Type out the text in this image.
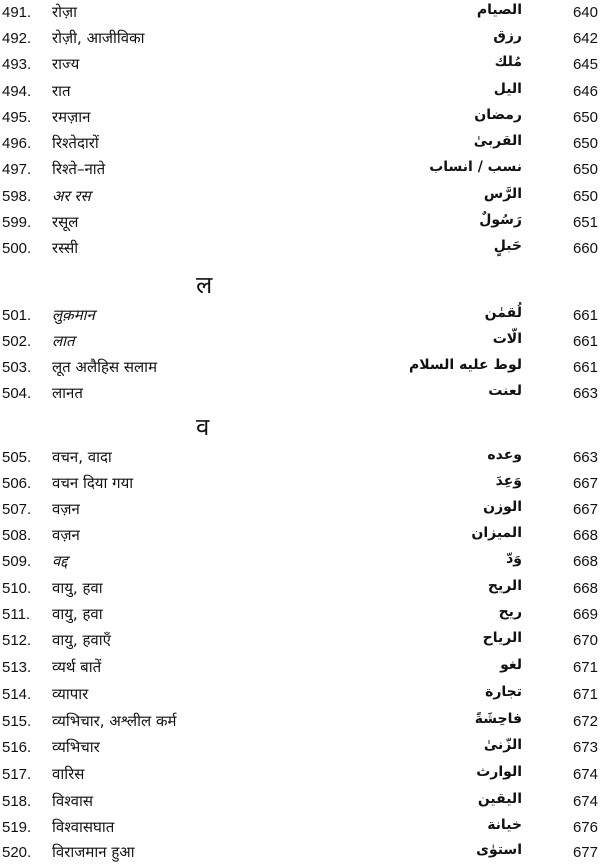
491. रोज़ा	الصيام	640
492. रोज़ी, आजीविका	رزق	642
493. राज्य	مُلك	645
494. रात	الیل	646
495. रमज़ान	رمضان	650
496. रिश्तेदारों	القربیٰ	650
497. रिश्ते–नाते	نسب / انساب	650
598. अर रस	الرَّس	650
599. रसूल	رَسُولٌ	651
500. रस्सी	حَبلٍ	660
ल
501. लुक़मान	لُقمٰن	661
502. लात	الّات	661
503. लूत अलैहिस सलाम	لوط علیه السلام	661
504. लानत	لعنت	663
व
505. वचन, वादा	وعده	663
506. वचन दिया गया	وَعِدَ	667
507. वज़न	الوزن	667
508. वज़न	المیزان	668
509. वद्द	وَدّ	668
510. वायु, हवा	الریح	668
511. वायु, हवा	ریح	669
512. वायु, हवाएँ	الریاح	670
513. व्यर्थ बातें	لغو	671
514. व्यापार	تجارة	671
515. व्यभिचार, अश्लील कर्म	فاحِشَةً	672
516. व्यभिचार	الزّنیٰ	673
517. वारिस	الوارث	674
518. विश्वास	الیقین	674
519. विश्वासघात	خیانة	676
520. विराजमान हुआ	استوٰی	677
